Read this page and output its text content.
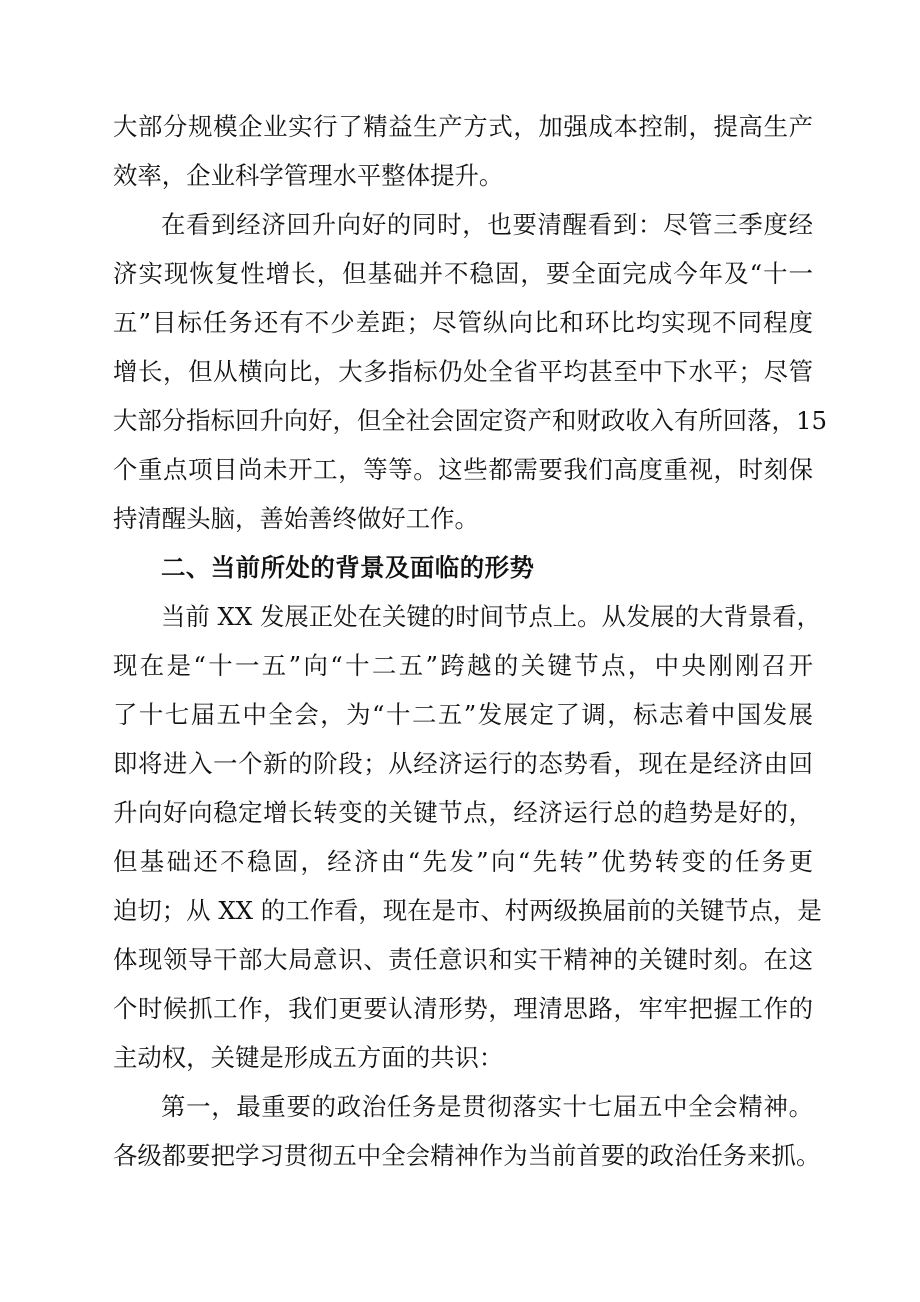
大部分规模企业实行了精益生产方式，加强成本控制，提高生产
效率，企业科学管理水平整体提升。
在看到经济回升向好的同时，也要清醒看到：尽管三季度经
济实现恢复性增长，但基础并不稳固，要全面完成今年及“十一
五”目标任务还有不少差距；尽管纵向比和环比均实现不同程度
增长，但从横向比，大多指标仍处全省平均甚至中下水平；尽管
大部分指标回升向好，但全社会固定资产和财政收入有所回落，15
个重点项目尚未开工，等等。这些都需要我们高度重视，时刻保
持清醒头脑，善始善终做好工作。
二、当前所处的背景及面临的形势
当前 XX 发展正处在关键的时间节点上。从发展的大背景看，
现在是“十一五”向“十二五”跨越的关键节点，中央刚刚召开
了十七届五中全会，为“十二五”发展定了调，标志着中国发展
即将进入一个新的阶段；从经济运行的态势看，现在是经济由回
升向好向稳定增长转变的关键节点，经济运行总的趋势是好的，
但基础还不稳固，经济由“先发”向“先转”优势转变的任务更
迫切；从 XX 的工作看，现在是市、村两级换届前的关键节点，是
体现领导干部大局意识、责任意识和实干精神的关键时刻。在这
个时候抓工作，我们更要认清形势，理清思路，牢牢把握工作的
主动权，关键是形成五方面的共识：
第一，最重要的政治任务是贯彻落实十七届五中全会精神。
各级都要把学习贯彻五中全会精神作为当前首要的政治任务来抓。
